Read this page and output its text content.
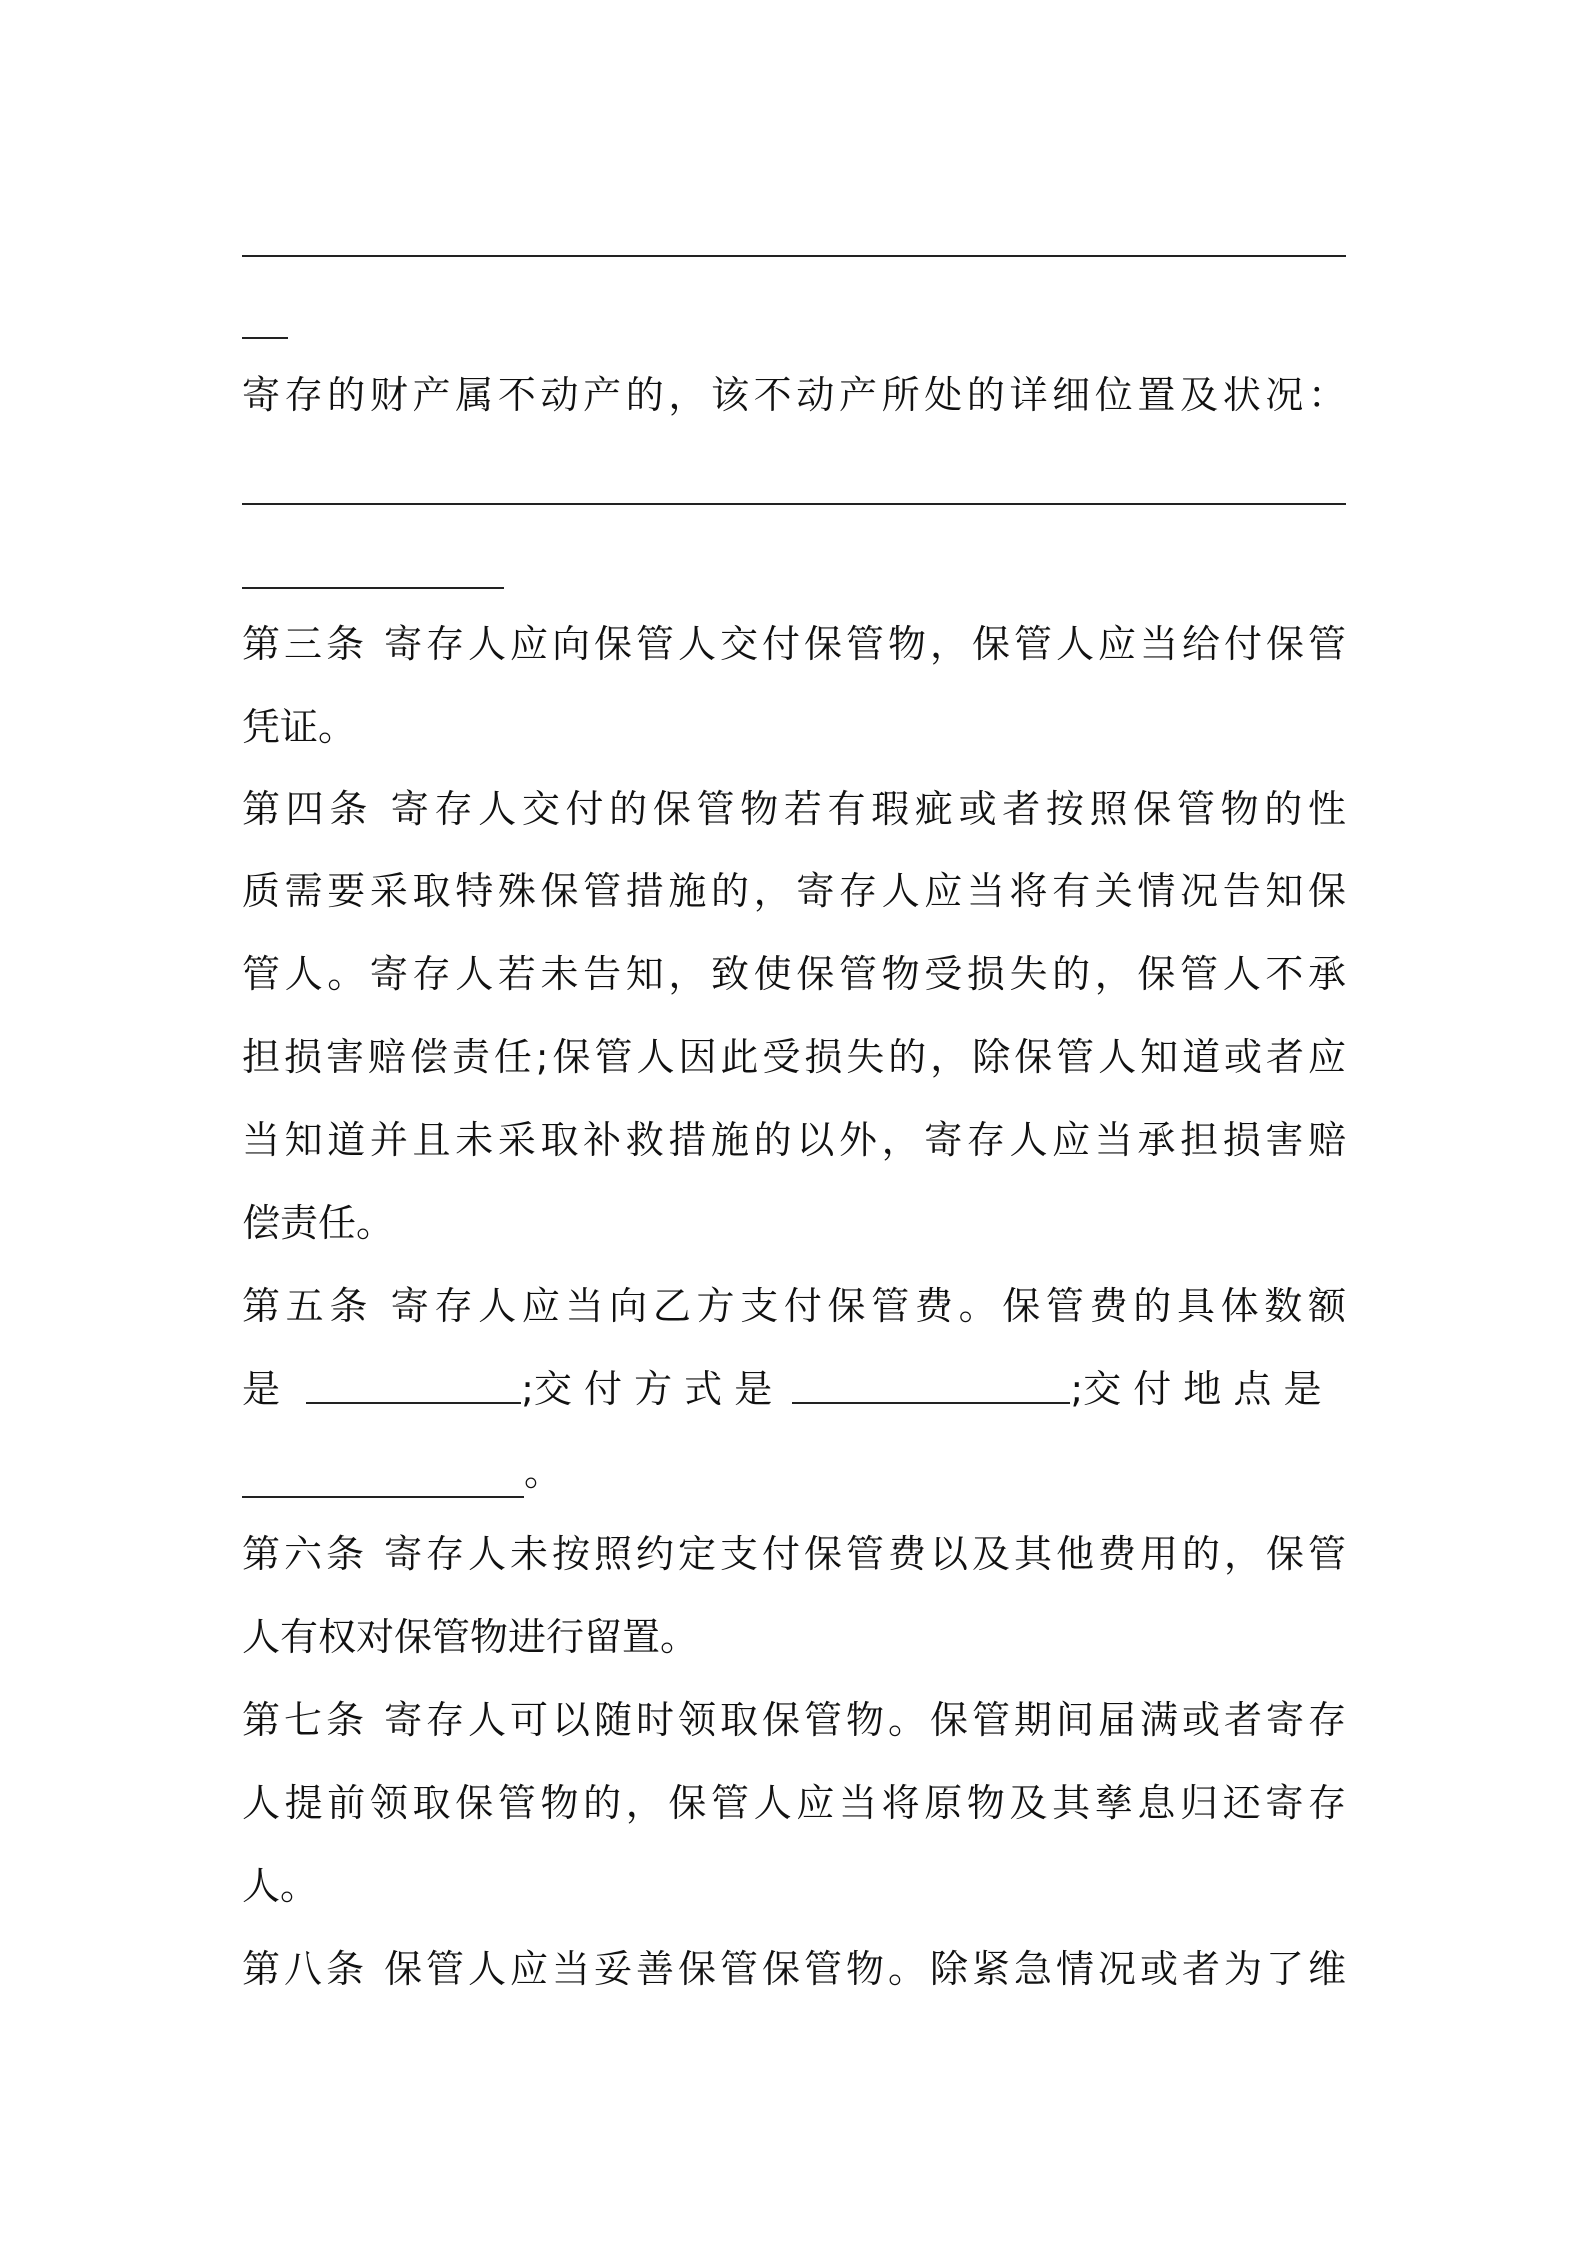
寄存的财产属不动产的，该不动产所处的详细位置及状况：
第三条 寄存人应向保管人交付保管物，保管人应当给付保管
凭证。
第四条 寄存人交付的保管物若有瑕疵或者按照保管物的性
质需要采取特殊保管措施的，寄存人应当将有关情况告知保
管人。寄存人若未告知，致使保管物受损失的，保管人不承
担损害赔偿责任;保管人因此受损失的，除保管人知道或者应
当知道并且未采取补救措施的以外，寄存人应当承担损害赔
偿责任。
第五条 寄存人应当向乙方支付保管费。保管费的具体数额
是	;交 付 方 式 是	;交 付 地 点 是
。
第六条 寄存人未按照约定支付保管费以及其他费用的，保管
人有权对保管物进行留置。
第七条 寄存人可以随时领取保管物。保管期间届满或者寄存
人提前领取保管物的，保管人应当将原物及其孳息归还寄存
人。
第八条 保管人应当妥善保管保管物。除紧急情况或者为了维
